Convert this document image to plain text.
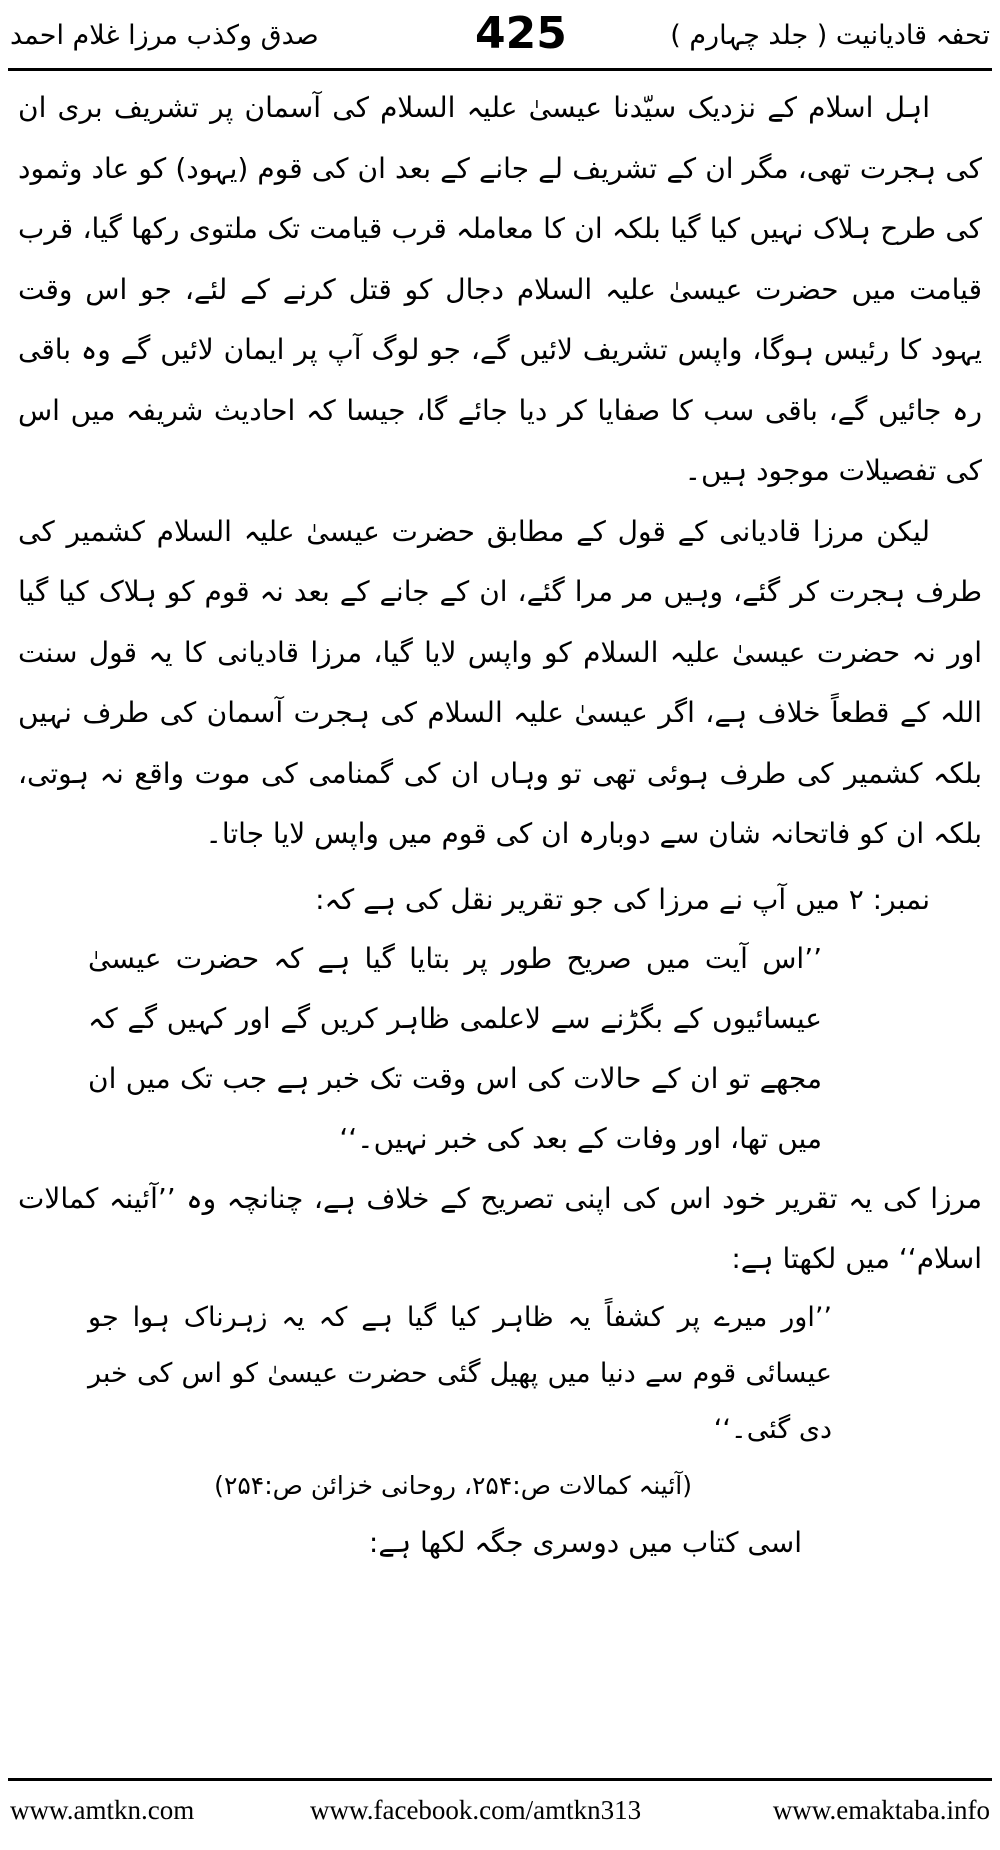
تحفہ قادیانیت ( جلد چہارم )
425
صدق وکذب مرزا غلام احمد

اہل اسلام کے نزدیک سیّدنا عیسیٰ علیہ السلام کی آسمان پر تشریف بری ان کی ہجرت تھی، مگر ان کے تشریف لے جانے کے بعد ان کی قوم (یہود) کو عاد وثمود کی طرح ہلاک نہیں کیا گیا بلکہ ان کا معاملہ قرب قیامت تک ملتوی رکھا گیا، قرب قیامت میں حضرت عیسیٰ علیہ السلام دجال کو قتل کرنے کے لئے، جو اس وقت یہود کا رئیس ہوگا، واپس تشریف لائیں گے، جو لوگ آپ پر ایمان لائیں گے وہ باقی رہ جائیں گے، باقی سب کا صفایا کر دیا جائے گا، جیسا کہ احادیث شریفہ میں اس کی تفصیلات موجود ہیں۔

لیکن مرزا قادیانی کے قول کے مطابق حضرت عیسیٰ علیہ السلام کشمیر کی طرف ہجرت کر گئے، وہیں مر مرا گئے، ان کے جانے کے بعد نہ قوم کو ہلاک کیا گیا اور نہ حضرت عیسیٰ علیہ السلام کو واپس لایا گیا، مرزا قادیانی کا یہ قول سنت اللہ کے قطعاً خلاف ہے، اگر عیسیٰ علیہ السلام کی ہجرت آسمان کی طرف نہیں بلکہ کشمیر کی طرف ہوئی تھی تو وہاں ان کی گمنامی کی موت واقع نہ ہوتی، بلکہ ان کو فاتحانہ شان سے دوبارہ ان کی قوم میں واپس لایا جاتا۔

نمبر: ۲ میں آپ نے مرزا کی جو تقریر نقل کی ہے کہ:

’’اس آیت میں صریح طور پر بتایا گیا ہے کہ حضرت عیسیٰ عیسائیوں کے بگڑنے سے لاعلمی ظاہر کریں گے اور کہیں گے کہ مجھے تو ان کے حالات کی اس وقت تک خبر ہے جب تک میں ان میں تھا، اور وفات کے بعد کی خبر نہیں۔‘‘

مرزا کی یہ تقریر خود اس کی اپنی تصریح کے خلاف ہے، چنانچہ وہ ’’آئینہ کمالات اسلام‘‘ میں لکھتا ہے:

’’اور میرے پر کشفاً یہ ظاہر کیا گیا ہے کہ یہ زہرناک ہوا جو عیسائی قوم سے دنیا میں پھیل گئی حضرت عیسیٰ کو اس کی خبر دی گئی۔‘‘

(آئینہ کمالات ص:۲۵۴، روحانی خزائن ص:۲۵۴)

اسی کتاب میں دوسری جگہ لکھا ہے:

www.amtkn.com	www.facebook.com/amtkn313	www.emaktaba.info
